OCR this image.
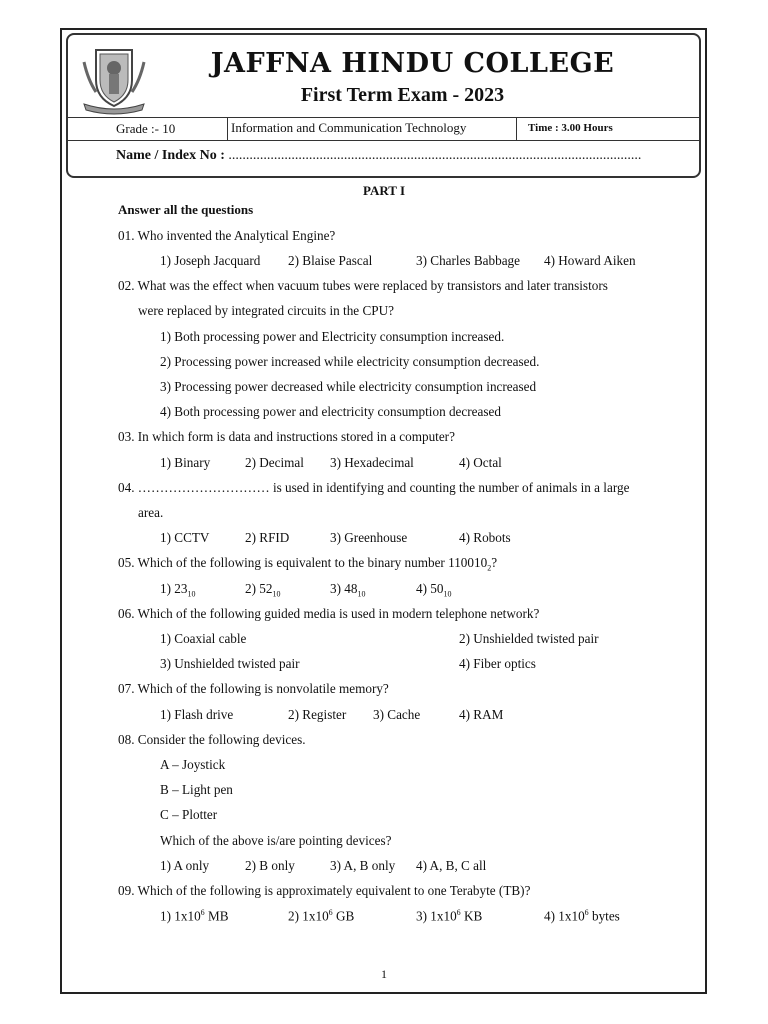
JAFFNA HINDU COLLEGE
First Term Exam - 2023
Grade :- 10	Information and Communication Technology	Time : 3.00 Hours
Name / Index No : ......................................................................................................................
PART I
Answer all the questions
01. Who invented the Analytical Engine?
1) Joseph Jacquard 2) Blaise Pascal	3) Charles Babbage 4) Howard Aiken
02. What was the effect when vacuum tubes were replaced by transistors and later transistors
were replaced by integrated circuits in the CPU?
1) Both processing power and Electricity consumption increased.
2) Processing power increased while electricity consumption decreased.
3) Processing power decreased while electricity consumption increased
4) Both processing power and electricity consumption decreased
03. In which form is data and instructions stored in a computer?
1) Binary	2) Decimal 3) Hexadecimal	4) Octal
04. ………………………… is used in identifying and counting the number of animals in a large
area.
1) CCTV	2) RFID	3) Greenhouse	4) Robots
05. Which of the following is equivalent to the binary number $110010_2$?
1) $23_{10}$	2) $52_{10}$	3) $48_{10}$	4) $50_{10}$
06. Which of the following guided media is used in modern telephone network?
1) Coaxial cable	2) Unshielded twisted pair
3) Unshielded twisted pair	4) Fiber optics
07. Which of the following is nonvolatile memory?
1) Flash drive	2) Register 3) Cache	4) RAM
08. Consider the following devices.
A – Joystick
B – Light pen
C – Plotter
Which of the above is/are pointing devices?
1) A only	2) B only	3) A, B only 4) A, B, C all
09. Which of the following is approximately equivalent to one Terabyte (TB)?
1) $1x10^6$ MB	2) $1x10^6$ GB	3) $1x10^6$ KB	4) $1x10^6$ bytes
1
